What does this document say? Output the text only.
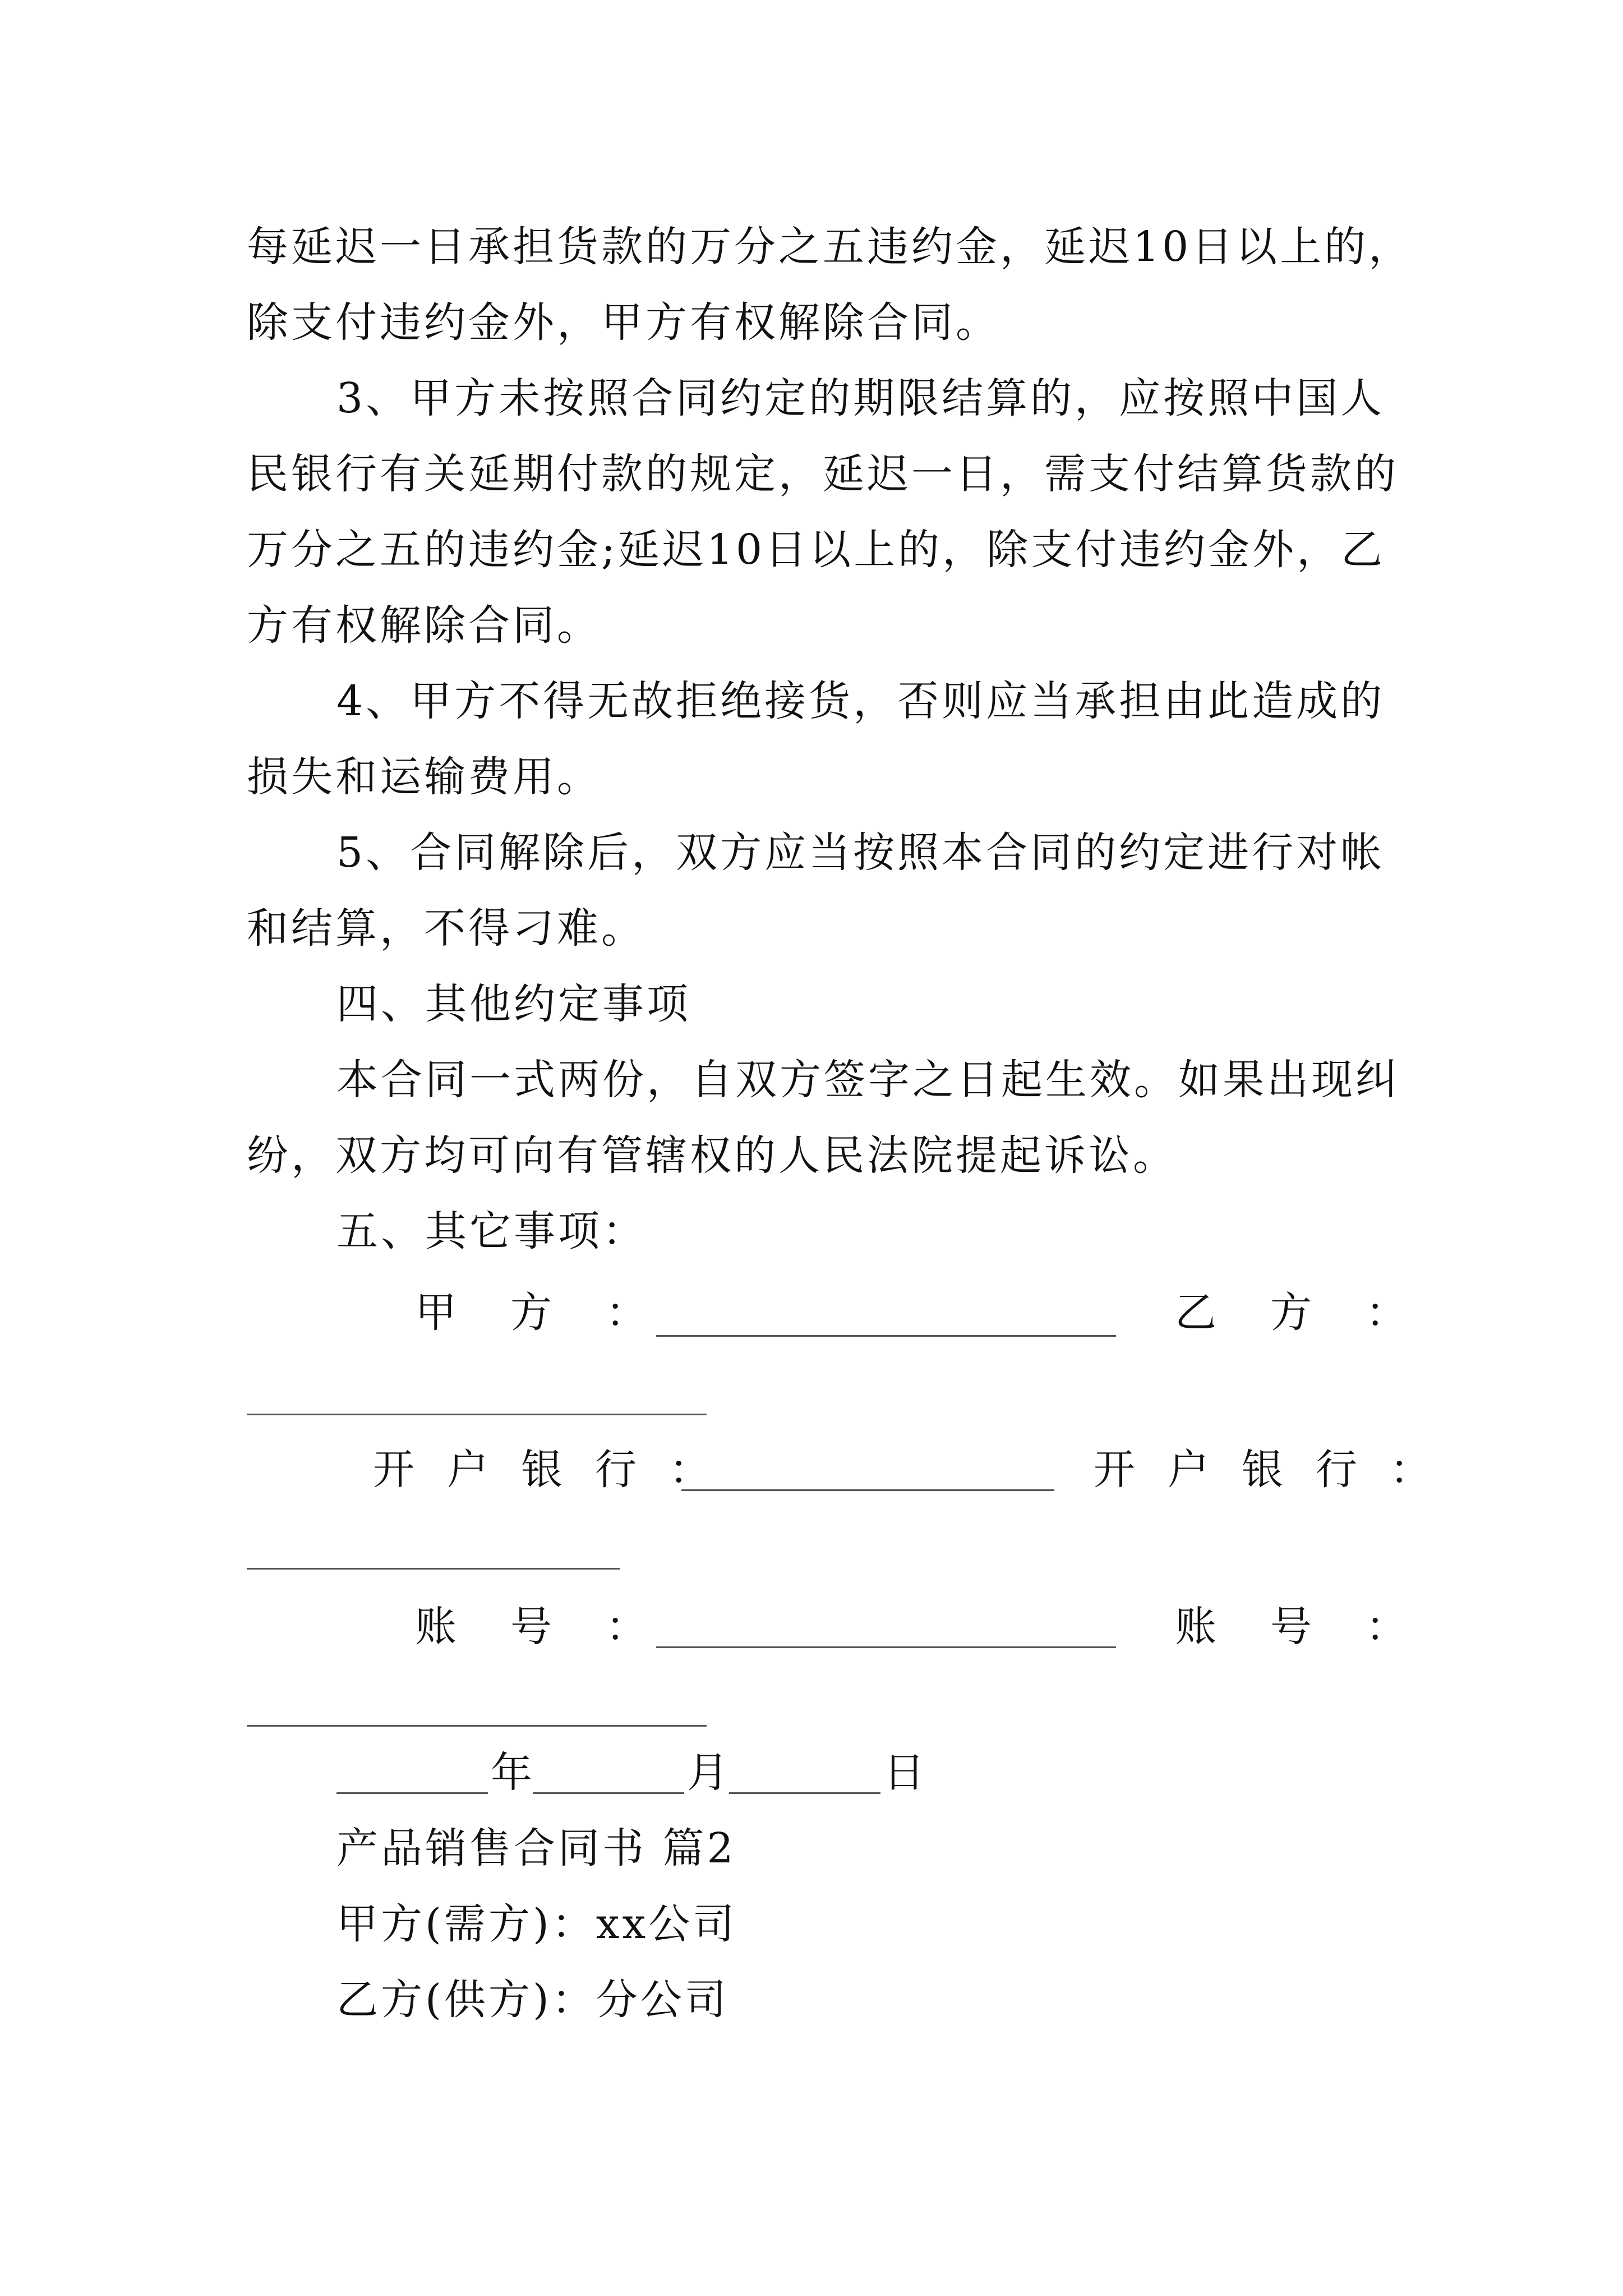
每延迟一日承担货款的万分之五违约金，延迟10日以上的，
除支付违约金外，甲方有权解除合同。
3、甲方未按照合同约定的期限结算的，应按照中国人
民银行有关延期付款的规定，延迟一日，需支付结算货款的
万分之五的违约金;延迟10日以上的，除支付违约金外，乙
方有权解除合同。
4、甲方不得无故拒绝接货，否则应当承担由此造成的
损失和运输费用。
5、合同解除后，双方应当按照本合同的约定进行对帐
和结算，不得刁难。
四、其他约定事项
本合同一式两份，自双方签字之日起生效。如果出现纠
纷，双方均可向有管辖权的人民法院提起诉讼。
五、其它事项：
甲方：	乙方：
开户银行：	开户银行：
账号：	账号：
年	月	日
产品销售合同书 篇2
甲方(需方)：xx公司
乙方(供方)：分公司
